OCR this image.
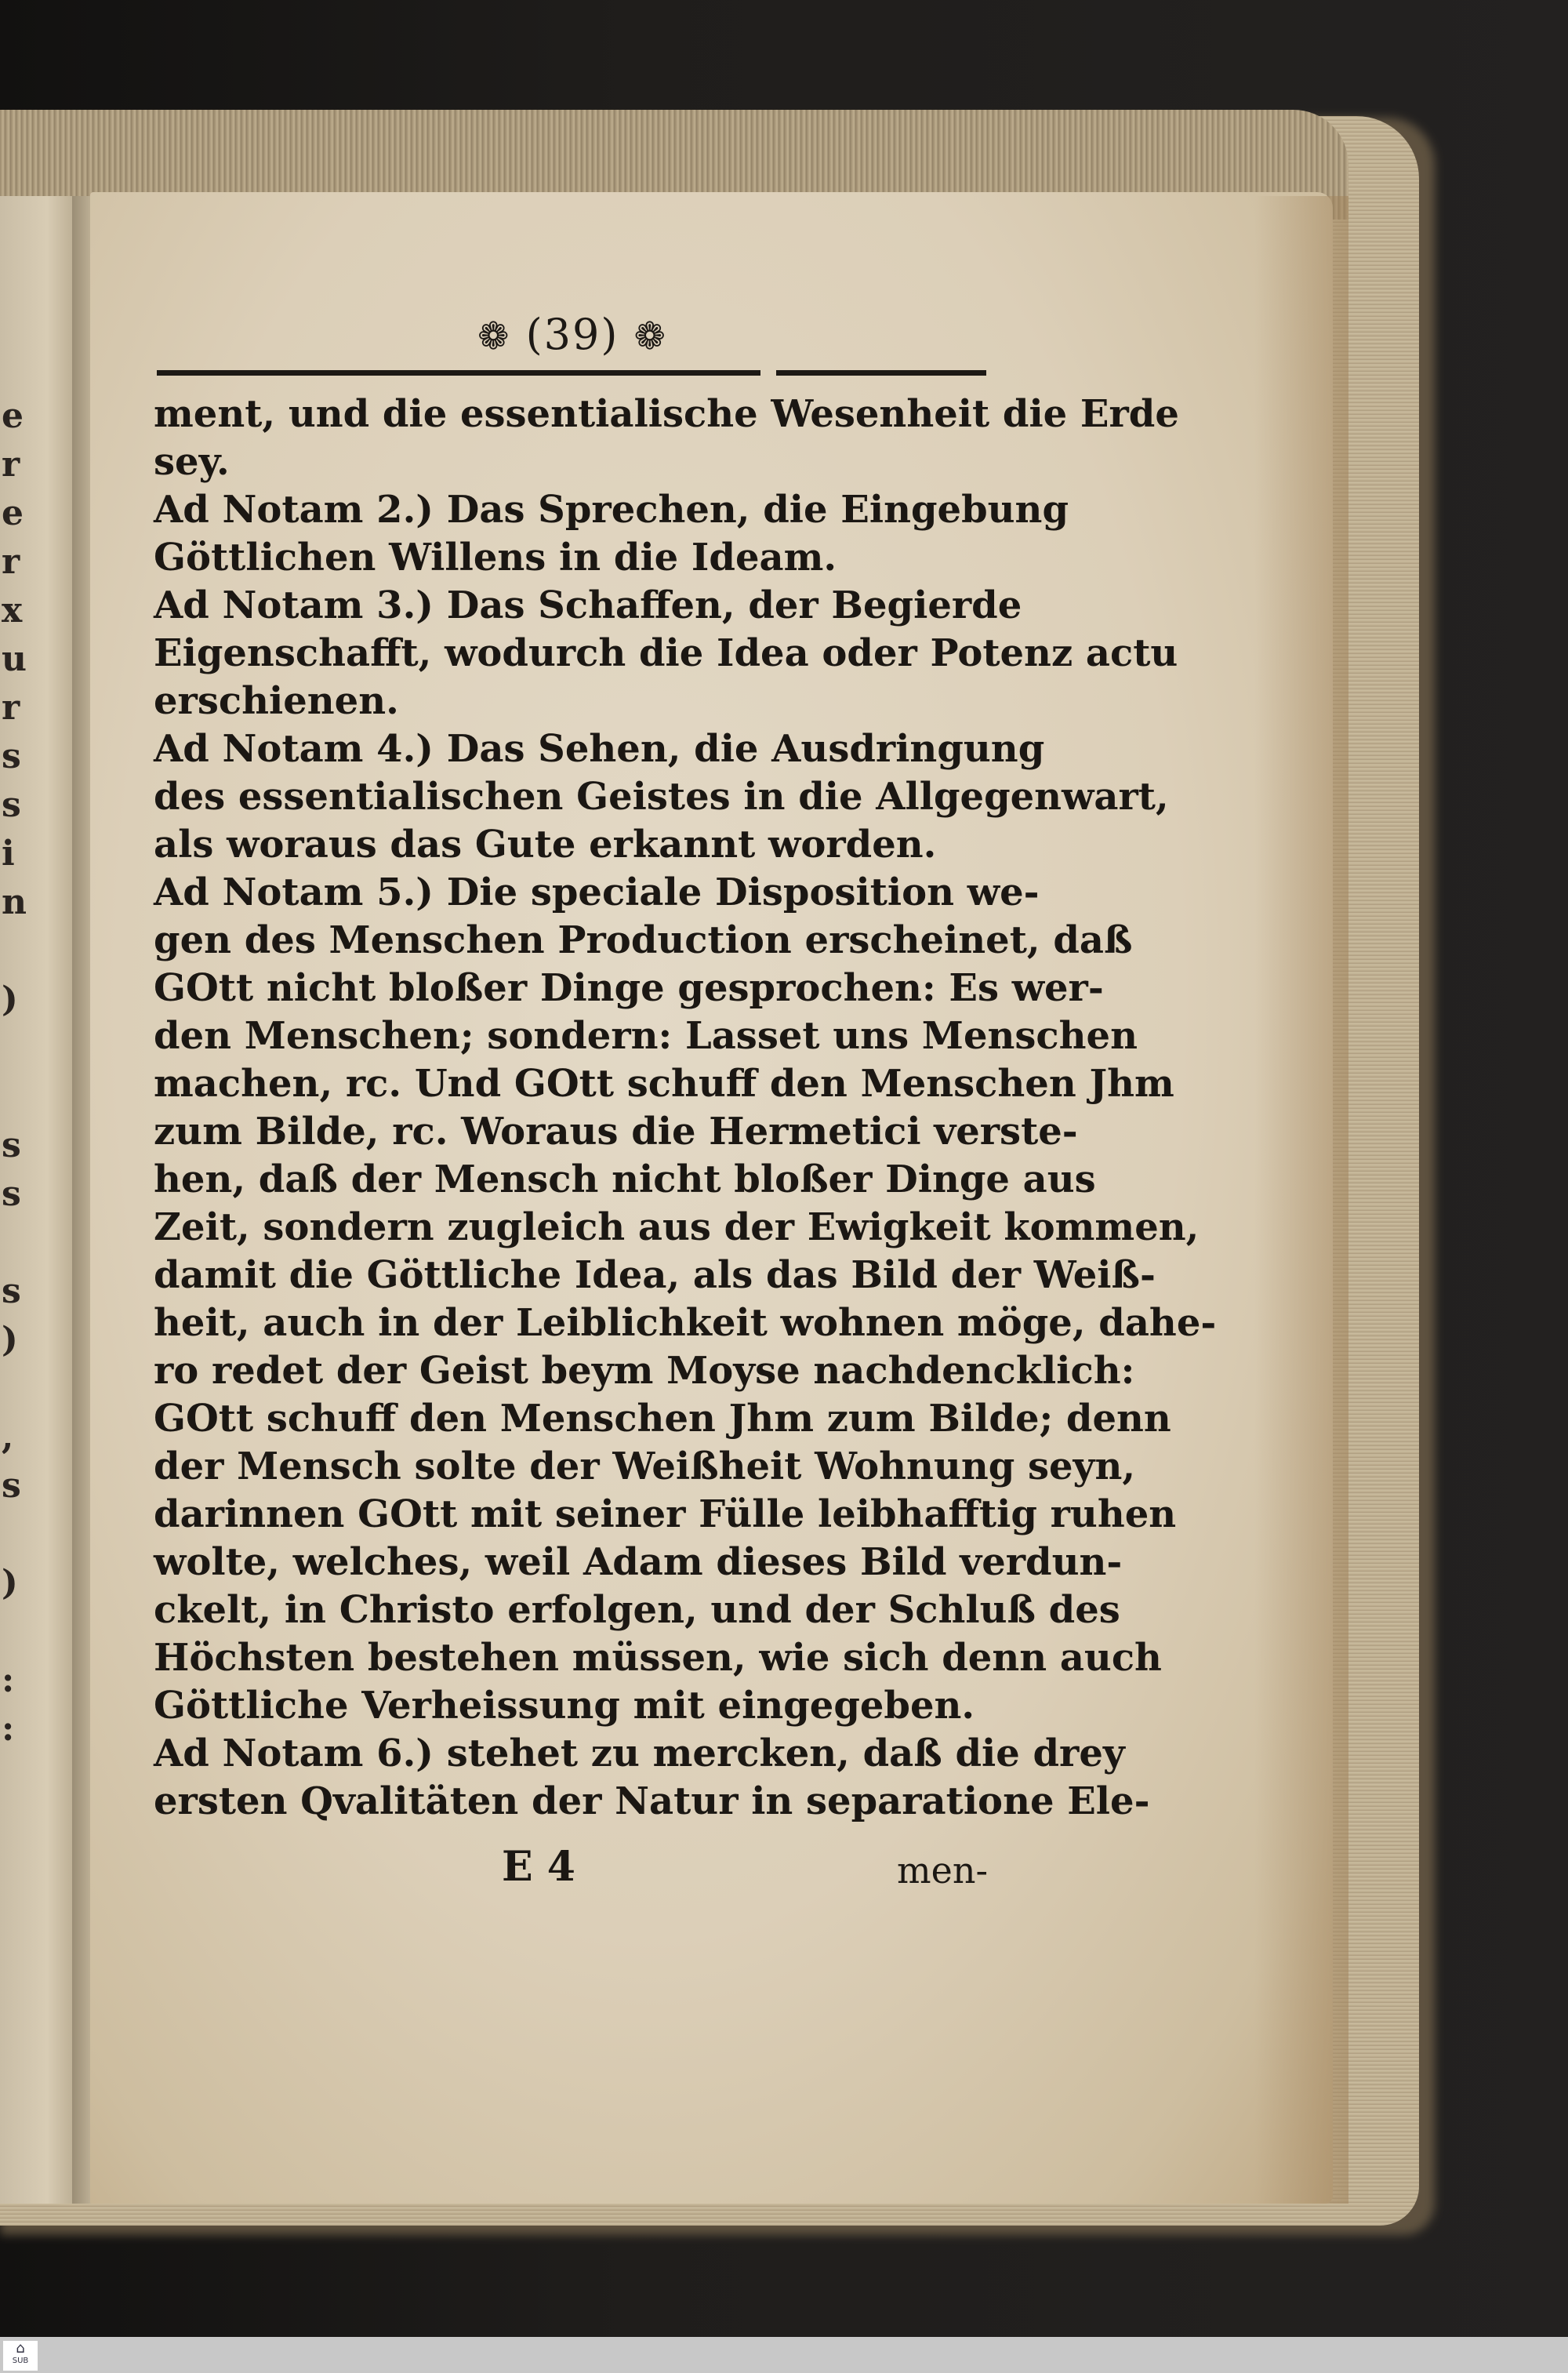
e
r
e
r
x
u
r
s
s
i
n

)

s
s

s
)

,
s

)

:
:
❁ (39) ❁
ment, und die essentialische Wesenheit die Erde
sey.
Ad Notam 2.) Das Sprechen, die Eingebung
Göttlichen Willens in die Ideam.
Ad Notam 3.) Das Schaffen, der Begierde
Eigenschafft, wodurch die Idea oder Potenz actu
erschienen.
Ad Notam 4.) Das Sehen, die Ausdringung
des essentialischen Geistes in die Allgegenwart,
als woraus das Gute erkannt worden.
Ad Notam 5.) Die speciale Disposition we-
gen des Menschen Production erscheinet, daß
GOtt nicht bloßer Dinge gesprochen: Es wer-
den Menschen; sondern: Lasset uns Menschen
machen, rc. Und GOtt schuff den Menschen Jhm
zum Bilde, rc. Woraus die Hermetici verste-
hen, daß der Mensch nicht bloßer Dinge aus
Zeit, sondern zugleich aus der Ewigkeit kommen,
damit die Göttliche Idea, als das Bild der Weiß-
heit, auch in der Leiblichkeit wohnen möge, dahe-
ro redet der Geist beym Moyse nachdencklich:
GOtt schuff den Menschen Jhm zum Bilde; denn
der Mensch solte der Weißheit Wohnung seyn,
darinnen GOtt mit seiner Fülle leibhafftig ruhen
wolte, welches, weil Adam dieses Bild verdun-
ckelt, in Christo erfolgen, und der Schluß des
Höchsten bestehen müssen, wie sich denn auch
Göttliche Verheissung mit eingegeben.
Ad Notam 6.) stehet zu mercken, daß die drey
ersten Qvalitäten der Natur in separatione Ele-
E 4	men-
⌂
SUB
